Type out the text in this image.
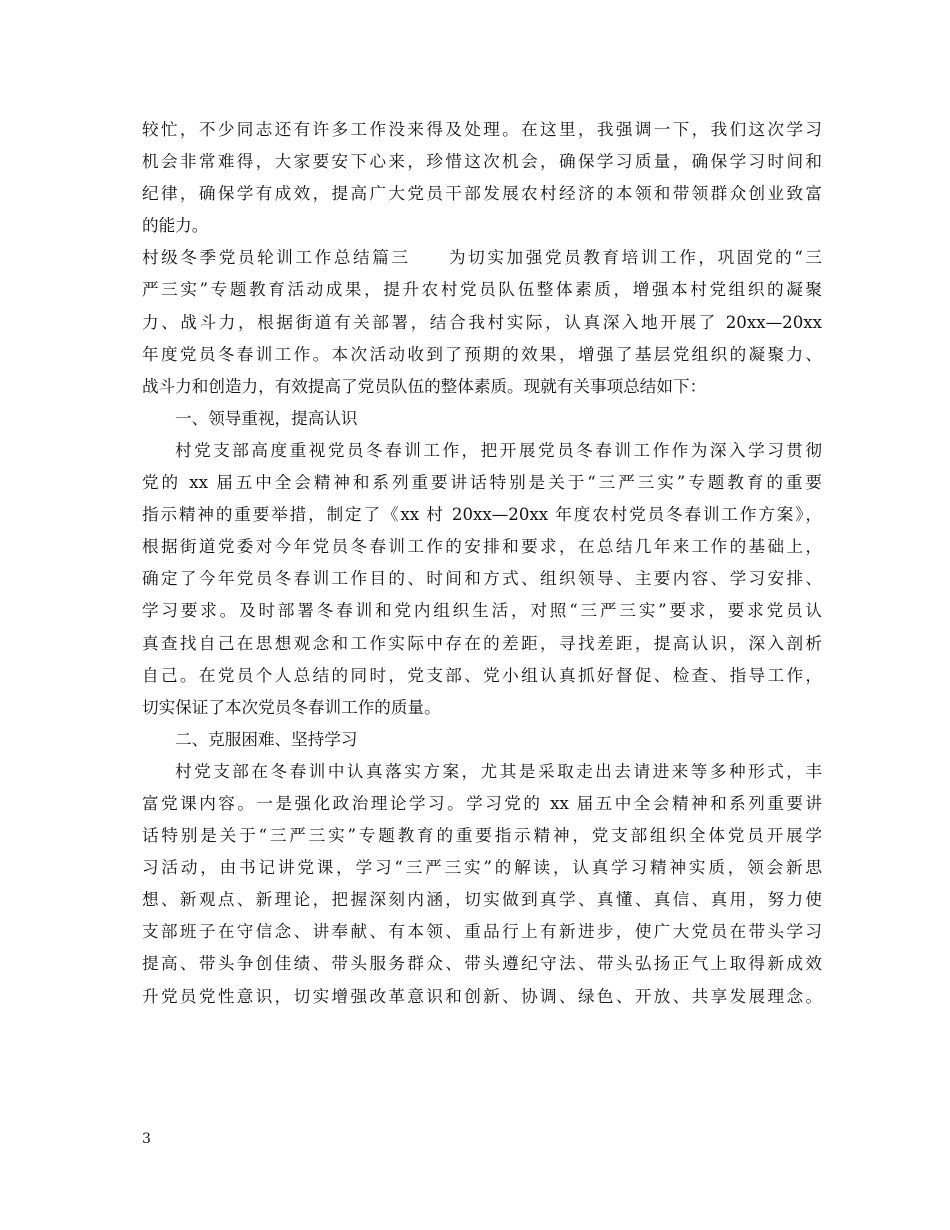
较忙，不少同志还有许多工作没来得及处理。在这里，我强调一下，我们这次学习
机会非常难得，大家要安下心来，珍惜这次机会，确保学习质量，确保学习时间和
纪律，确保学有成效，提高广大党员干部发展农村经济的本领和带领群众创业致富
的能力。
村级冬季党员轮训工作总结篇三　　为切实加强党员教育培训工作，巩固党的“三
严三实”专题教育活动成果，提升农村党员队伍整体素质，增强本村党组织的凝聚
力、战斗力，根据街道有关部署，结合我村实际，认真深入地开展了 20xx—20xx
年度党员冬春训工作。本次活动收到了预期的效果，增强了基层党组织的凝聚力、
战斗力和创造力，有效提高了党员队伍的整体素质。现就有关事项总结如下：
一、领导重视，提高认识
村党支部高度重视党员冬春训工作，把开展党员冬春训工作作为深入学习贯彻
党的 xx 届五中全会精神和系列重要讲话特别是关于“三严三实”专题教育的重要
指示精神的重要举措，制定了《xx 村 20xx—20xx 年度农村党员冬春训工作方案》，
根据街道党委对今年党员冬春训工作的安排和要求，在总结几年来工作的基础上，
确定了今年党员冬春训工作目的、时间和方式、组织领导、主要内容、学习安排、
学习要求。及时部署冬春训和党内组织生活，对照“三严三实”要求，要求党员认
真查找自己在思想观念和工作实际中存在的差距，寻找差距，提高认识，深入剖析
自己。在党员个人总结的同时，党支部、党小组认真抓好督促、检查、指导工作，
切实保证了本次党员冬春训工作的质量。
二、克服困难、坚持学习
村党支部在冬春训中认真落实方案，尤其是采取走出去请进来等多种形式，丰
富党课内容。一是强化政治理论学习。学习党的 xx 届五中全会精神和系列重要讲
话特别是关于“三严三实”专题教育的重要指示精神，党支部组织全体党员开展学
习活动，由书记讲党课，学习“三严三实”的解读，认真学习精神实质，领会新思
想、新观点、新理论，把握深刻内涵，切实做到真学、真懂、真信、真用，努力使
支部班子在守信念、讲奉献、有本领、重品行上有新进步，使广大党员在带头学习
提高、带头争创佳绩、带头服务群众、带头遵纪守法、带头弘扬正气上取得新成效
升党员党性意识，切实增强改革意识和创新、协调、绿色、开放、共享发展理念。
3
